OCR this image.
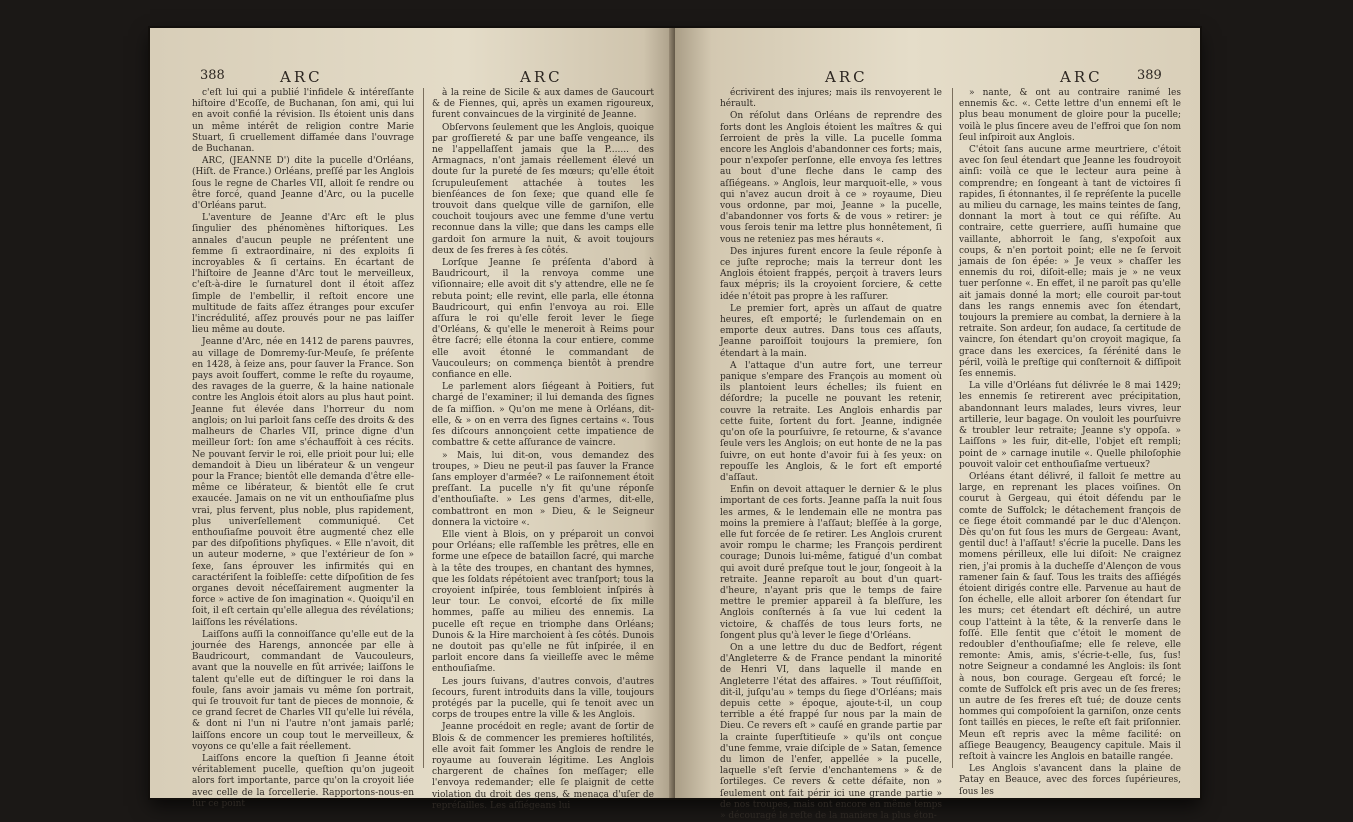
388	ARC	ARC

c'eſt lui qui a publié l'infidele & intéreſſante hiſtoire d'Ecoſſe, de Buchanan, ſon ami, qui lui en avoit confié la révision. Ils étoient unis dans un même intérêt de religion contre Marie Stuart, ſi cruellement diffamée dans l'ouvrage de Buchanan.

ARC, (JEANNE D') dite la pucelle d'Orléans, (Hiſt. de France.) Orléans, preſſé par les Anglois ſous le regne de Charles VII, alloit ſe rendre ou être forcé, quand Jeanne d'Arc, ou la pucelle d'Orléans parut.

L'aventure de Jeanne d'Arc eſt le plus ſingulier des phénomènes hiſtoriques. Les annales d'aucun peuple ne préſentent une femme ſi extraordinaire, ni des exploits ſi incroyables & ſi certains. En écartant de l'hiſtoire de Jeanne d'Arc tout le merveilleux, c'eſt-à-dire le ſurnaturel dont il étoit aſſez ſimple de l'embellir, il reſtoit encore une multitude de faits aſſez étranges pour excuſer l'incrédulité, aſſez prouvés pour ne pas laiſſer lieu même au doute.

Jeanne d'Arc, née en 1412 de parens pauvres, au village de Domremy-ſur-Meuſe, ſe préſente en 1428, à ſeize ans, pour ſauver la France. Son pays avoit ſouffert, comme le reſte du royaume, des ravages de la guerre, & la haine nationale contre les Anglois étoit alors au plus haut point. Jeanne fut élevée dans l'horreur du nom anglois; on lui parloit ſans ceſſe des droits & des malheurs de Charles VII, prince digne d'un meilleur ſort: ſon ame s'échauffoit à ces récits. Ne pouvant ſervir le roi, elle prioit pour lui; elle demandoit à Dieu un libérateur & un vengeur pour la France; bientôt elle demanda d'être elle-même ce libérateur, & bientôt elle ſe crut exaucée. Jamais on ne vit un enthouſiaſme plus vrai, plus fervent, plus noble, plus rapidement, plus univerſellement communiqué. Cet enthouſiaſme pouvoit être augmenté chez elle par des diſpoſitions phyſiques. « Elle n'avoit, dit un auteur moderne, » que l'extérieur de ſon » ſexe, ſans éprouver les infirmités qui en caractériſent la foibleſſe: cette diſpoſition de ſes organes devoit néceſſairement augmenter la force » active de ſon imagination «. Quoiqu'il en ſoit, il eſt certain qu'elle allegua des révélations; laiſſons les révélations.

Laiſſons auſſi la connoiſſance qu'elle eut de la journée des Harengs, annoncée par elle à Baudricourt, commandant de Vaucouleurs, avant que la nouvelle en fût arrivée; laiſſons le talent qu'elle eut de diſtinguer le roi dans la foule, ſans avoir jamais vu même ſon portrait, qui ſe trouvoit fur tant de pieces de monnoie, & ce grand ſecret de Charles VII qu'elle lui révéla, & dont ni l'un ni l'autre n'ont jamais parlé; laiſſons encore un coup tout le merveilleux, & voyons ce qu'elle a fait réellement.

Laiſſons encore la queſtion ſi Jeanne étoit véritablement pucelle, queſtion qu'on jugeoit alors fort importante, parce qu'on la croyoit liée avec celle de la ſorcellerie. Rapportons-nous-en ſur ce point

à la reine de Sicile & aux dames de Gaucourt & de Fiennes, qui, après un examen rigoureux, furent convaincues de la virginité de Jeanne.

Obſervons ſeulement que les Anglois, quoique par groſſiereté & par une baſſe vengeance, ils ne l'appellaſſent jamais que la P....... des Armagnacs, n'ont jamais réellement élevé un doute ſur la pureté de ſes mœurs; qu'elle étoit ſcrupuleuſement attachée à toutes les bienſéances de ſon ſexe; que quand elle ſe trouvoit dans quelque ville de garniſon, elle couchoit toujours avec une femme d'une vertu reconnue dans la ville; que dans les camps elle gardoit ſon armure la nuit, & avoit toujours deux de ſes freres à ſes côtés.

Lorſque Jeanne ſe préſenta d'abord à Baudricourt, il la renvoya comme une viſionnaire; elle avoit dit s'y attendre, elle ne ſe rebuta point; elle revint, elle parla, elle étonna Baudricourt, qui enfin l'envoya au roi. Elle aſſura le roi qu'elle feroit lever le ſiege d'Orléans, & qu'elle le meneroit à Reims pour être ſacré; elle étonna la cour entiere, comme elle avoit étonné le commandant de Vaucouleurs; on commença bientôt à prendre confiance en elle.

Le parlement alors ſiégeant à Poitiers, fut chargé de l'examiner; il lui demanda des ſignes de ſa miſſion. » Qu'on me mene à Orléans, dit-elle, & » on en verra des ſignes certains «. Tous ſes diſcours annonçoient cette impatience de combattre & cette aſſurance de vaincre.

» Mais, lui dit-on, vous demandez des troupes, » Dieu ne peut-il pas ſauver la France ſans employer d'armée? « Le raiſonnement étoit preſſant. La pucelle n'y fit qu'une réponſe d'enthouſiaſte. » Les gens d'armes, dit-elle, combattront en mon » Dieu, & le Seigneur donnera la victoire «.

Elle vient à Blois, on y préparoit un convoi pour Orléans; elle raſſemble les prêtres, elle en forme une eſpece de bataillon ſacré, qui marche à la tête des troupes, en chantant des hymnes, que les ſoldats répétoient avec tranſport; tous la croyoient inſpirée, tous ſembloient inſpirés à leur tour. Le convoi, eſcorté de ſix mille hommes, paſſe au milieu des ennemis. La pucelle eſt reçue en triomphe dans Orléans; Dunois & la Hire marchoient à ſes côtés. Dunois ne doutoit pas qu'elle ne fût inſpirée, il en parloit encore dans ſa vieilleſſe avec le même enthouſiaſme.

Les jours ſuivans, d'autres convois, d'autres ſecours, furent introduits dans la ville, toujours protégés par la pucelle, qui ſe tenoit avec un corps de troupes entre la ville & les Anglois.

Jeanne procédoit en regle; avant de ſortir de Blois & de commencer les premieres hoſtilités, elle avoit fait ſommer les Anglois de rendre le royaume au ſouverain légitime. Les Anglois chargerent de chaînes ſon meſſager; elle l'envoya redemander; elle ſe plaignit de cette violation du droit des gens, & menaça d'uſer de repréſailles. Les aſſiégeans lui

ARC	ARC	389

écrivirent des injures; mais ils renvoyerent le hérault.

On réſolut dans Orléans de reprendre des forts dont les Anglois étoient les maîtres & qui ſerroient de près la ville. La pucelle ſomma encore les Anglois d'abandonner ces forts; mais, pour n'expoſer perſonne, elle envoya ſes lettres au bout d'une fleche dans le camp des aſſiégeans. » Anglois, leur marquoit-elle, » vous qui n'avez aucun droit à ce » royaume, Dieu vous ordonne, par moi, Jeanne » la pucelle, d'abandonner vos forts & de vous » retirer: je vous ſerois tenir ma lettre plus honnêtement, ſi vous ne reteniez pas mes hérauts «.

Des injures furent encore la ſeule réponſe à ce juſte reproche; mais la terreur dont les Anglois étoient frappés, perçoit à travers leurs faux mépris; ils la croyoient ſorciere, & cette idée n'étoit pas propre à les raſſurer.

Le premier fort, après un aſſaut de quatre heures, eſt emporté; le ſurlendemain on en emporte deux autres. Dans tous ces aſſauts, Jeanne paroiſſoit toujours la premiere, ſon étendart à la main.

A l'attaque d'un autre fort, une terreur panique s'empare des François au moment où ils plantoient leurs échelles; ils fuient en déſordre; la pucelle ne pouvant les retenir, couvre la retraite. Les Anglois enhardis par cette fuite, ſortent du fort. Jeanne, indignée qu'on oſe la pourſuivre, ſe retourne, & s'avance ſeule vers les Anglois; on eut honte de ne la pas ſuivre, on eut honte d'avoir fui à ſes yeux: on repouſſe les Anglois, & le fort eſt emporté d'aſſaut.

Enfin on devoit attaquer le dernier & le plus important de ces forts. Jeanne paſſa la nuit ſous les armes, & le lendemain elle ne montra pas moins la premiere à l'aſſaut; bleſſée à la gorge, elle fut forcée de ſe retirer. Les Anglois crurent avoir rompu le charme; les François perdirent courage; Dunois lui-même, fatigué d'un combat qui avoit duré preſque tout le jour, ſongeoit à la retraite. Jeanne reparoît au bout d'un quart-d'heure, n'ayant pris que le temps de faire mettre le premier appareil à ſa bleſſure, les Anglois conſternés à ſa vue lui cedent la victoire, & chaſſés de tous leurs forts, ne ſongent plus qu'à lever le ſiege d'Orléans.

On a une lettre du duc de Bedfort, régent d'Angleterre & de France pendant la minorité de Henri VI, dans laquelle il mande en Angleterre l'état des affaires. » Tout réuſſiſſoit, dit-il, juſqu'au » temps du ſiege d'Orléans; mais depuis cette » époque, ajoute-t-il, un coup terrible a été frappé ſur nous par la main de Dieu. Ce revers eſt » cauſé en grande partie par la crainte ſuperſtitieuſe » qu'ils ont conçue d'une femme, vraie diſciple de » Satan, ſemence du limon de l'enfer, appellée » la pucelle, laquelle s'eſt ſervie d'enchantemens » & de ſortileges. Ce revers & cette défaite, non » ſeulement ont fait périr ici une grande partie » de nos troupes, mais ont encore en même temps » découragé le reſte de la maniere la plus éton-

» nante, & ont au contraire ranimé les ennemis &c. «. Cette lettre d'un ennemi eſt le plus beau monument de gloire pour la pucelle; voilà le plus ſincere aveu de l'effroi que ſon nom ſeul inſpiroit aux Anglois.

C'étoit ſans aucune arme meurtriere, c'étoit avec ſon ſeul étendart que Jeanne les foudroyoit ainſi: voilà ce que le lecteur aura peine à comprendre; en ſongeant à tant de victoires ſi rapides, ſi étonnantes, il ſe repréſente la pucelle au milieu du carnage, les mains teintes de ſang, donnant la mort à tout ce qui réſiſte. Au contraire, cette guerriere, auſſi humaine que vaillante, abhorroit le ſang, s'expoſoit aux coups, & n'en portoit point; elle ne ſe ſervoit jamais de ſon épée: » Je veux » chaſſer les ennemis du roi, diſoit-elle; mais je » ne veux tuer perſonne «. En effet, il ne paroît pas qu'elle ait jamais donné la mort; elle couroit par-tout dans les rangs ennemis avec ſon étendart, toujours la premiere au combat, la derniere à la retraite. Son ardeur, ſon audace, ſa certitude de vaincre, ſon étendart qu'on croyoit magique, ſa grace dans les exercices, ſa ſérénité dans le péril, voilà le preſtige qui conſternoit & diſſipoit ſes ennemis.

La ville d'Orléans fut délivrée le 8 mai 1429; les ennemis ſe retirerent avec précipitation, abandonnant leurs malades, leurs vivres, leur artillerie, leur bagage. On vouloit les pourſuivre & troubler leur retraite; Jeanne s'y oppoſa. » Laiſſons » les fuir, dit-elle, l'objet eſt rempli; point de » carnage inutile «. Quelle philoſophie pouvoit valoir cet enthouſiaſme vertueux?

Orléans étant délivré, il falloit ſe mettre au large, en reprenant les places voiſines. On courut à Gergeau, qui étoit défendu par le comte de Suffolck; le détachement françois de ce ſiege étoit commandé par le duc d'Alençon. Dès qu'on fut ſous les murs de Gergeau: Avant, gentil duc! à l'aſſaut! s'écrie la pucelle. Dans les momens périlleux, elle lui diſoit: Ne craignez rien, j'ai promis à la ducheſſe d'Alençon de vous ramener ſain & ſauf. Tous les traits des aſſiégés étoient dirigés contre elle. Parvenue au haut de ſon échelle, elle alloit arborer ſon étendart ſur les murs; cet étendart eſt déchiré, un autre coup l'atteint à la tête, & la renverſe dans le foſſé. Elle ſentit que c'étoit le moment de redoubler d'enthouſiaſme; elle ſe releve, elle remonte: Amis, amis, s'écrie-t-elle, ſus, ſus! notre Seigneur a condamné les Anglois: ils ſont à nous, bon courage. Gergeau eſt forcé; le comte de Suffolck eſt pris avec un de ſes freres; un autre de ſes freres eſt tué; de douze cents hommes qui compoſoient la garniſon, onze cents ſont taillés en pieces, le reſte eſt fait priſonnier. Meun eſt repris avec la même facilité: on aſſiege Beaugency, Beaugency capitule. Mais il reſtoit à vaincre les Anglois en bataille rangée.

Les Anglois s'avancent dans la plaine de Patay en Beauce, avec des forces ſupérieures, ſous les
